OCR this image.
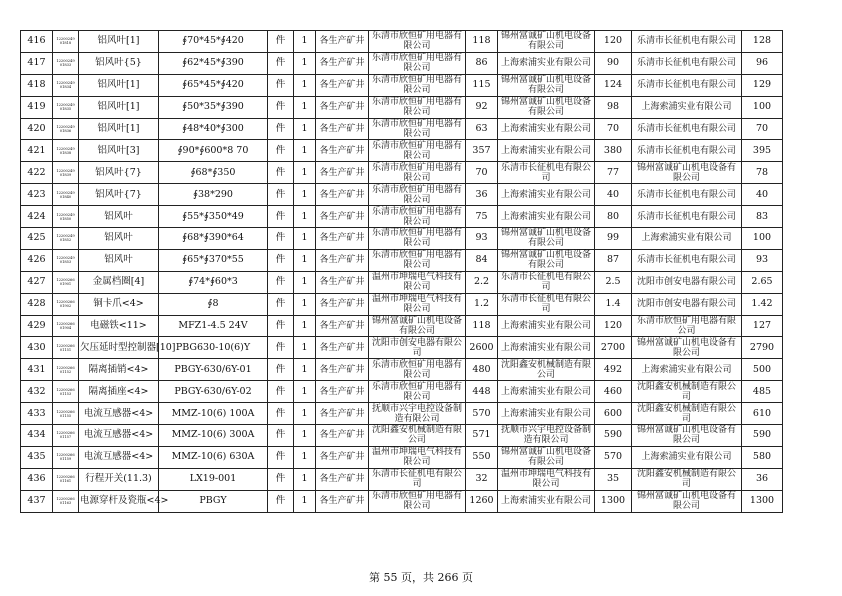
416	12200249 01818	铝风叶[1]	∮70*45*∮420	件	1	各生产矿井	乐清市欣恒矿用电器有限公司	118	锦州富诚矿山机电设备有限公司	120	乐清市长征机电有限公司	128
417	12200249 01833	铝风叶{5}	∮62*45*∮390	件	1	各生产矿井	乐清市欣恒矿用电器有限公司	86	上海索浦实业有限公司	90	乐清市长征机电有限公司	96
418	12200249 01834	铝风叶[1]	∮65*45*∮420	件	1	各生产矿井	乐清市欣恒矿用电器有限公司	115	锦州富诚矿山机电设备有限公司	124	乐清市长征机电有限公司	129
419	12200249 01835	铝风叶[1]	∮50*35*∮390	件	1	各生产矿井	乐清市欣恒矿用电器有限公司	92	锦州富诚矿山机电设备有限公司	98	上海索浦实业有限公司	100
420	12200249 01836	铝风叶[1]	∮48*40*∮300	件	1	各生产矿井	乐清市欣恒矿用电器有限公司	63	上海索浦实业有限公司	70	乐清市长征机电有限公司	70
421	12200249 01838	铝风叶[3]	∮90*∮600*8 70	件	1	各生产矿井	乐清市欣恒矿用电器有限公司	357	上海索浦实业有限公司	380	乐清市长征机电有限公司	395
422	12200249 01839	铝风叶{7}	∮68*∮350	件	1	各生产矿井	乐清市欣恒矿用电器有限公司	70	乐清市长征机电有限公司	77	锦州富诚矿山机电设备有限公司	78
423	12200249 01840	铝风叶{7}	∮38*290	件	1	各生产矿井	乐清市欣恒矿用电器有限公司	36	上海索浦实业有限公司	40	乐清市长征机电有限公司	40
424	12200249 01850	铝风叶	∮55*∮350*49	件	1	各生产矿井	乐清市欣恒矿用电器有限公司	75	上海索浦实业有限公司	80	乐清市长征机电有限公司	83
425	12200249 01852	铝风叶	∮68*∮390*64	件	1	各生产矿井	乐清市欣恒矿用电器有限公司	93	锦州富诚矿山机电设备有限公司	99	上海索浦实业有限公司	100
426	12200249 01853	铝风叶	∮65*∮370*55	件	1	各生产矿井	乐清市欣恒矿用电器有限公司	84	锦州富诚矿山机电设备有限公司	87	乐清市长征机电有限公司	93
427	12200266 01901	金属档圈[4]	∮74*∮60*3	件	1	各生产矿井	温州市坤瑞电气科技有限公司	2.2	乐清市长征机电有限公司	2.5	沈阳市创安电器有限公司	2.65
428	12200266 01902	铜卡爪<4>	∮8	件	1	各生产矿井	温州市坤瑞电气科技有限公司	1.2	乐清市长征机电有限公司	1.4	沈阳市创安电器有限公司	1.42
429	12200266 01904	电磁铁<11>	MFZ1-4.5 24V	件	1	各生产矿井	锦州富诚矿山机电设备有限公司	118	上海索浦实业有限公司	120	乐清市欣恒矿用电器有限公司	127
430	12200266 01151	欠压延时型控制器[10]	PBG630-10(6)Y	件	1	各生产矿井	沈阳市创安电器有限公司	2600	上海索浦实业有限公司	2700	锦州富诚矿山机电设备有限公司	2790
431	12200266 01152	隔离插销<4>	PBGY-630/6Y-01	件	1	各生产矿井	乐清市欣恒矿用电器有限公司	480	沈阳鑫安机械制造有限公司	492	上海索浦实业有限公司	500
432	12200266 01153	隔离插座<4>	PBGY-630/6Y-02	件	1	各生产矿井	乐清市欣恒矿用电器有限公司	448	上海索浦实业有限公司	460	沈阳鑫安机械制造有限公司	485
433	12200266 01155	电流互感器<4>	MMZ-10(6) 100A	件	1	各生产矿井	抚顺市兴宇电控设备制造有限公司	570	上海索浦实业有限公司	600	沈阳鑫安机械制造有限公司	610
434	12200266 01157	电流互感器<4>	MMZ-10(6) 300A	件	1	各生产矿井	沈阳鑫安机械制造有限公司	571	抚顺市兴宇电控设备制造有限公司	590	锦州富诚矿山机电设备有限公司	590
435	12200266 01159	电流互感器<4>	MMZ-10(6) 630A	件	1	各生产矿井	温州市坤瑞电气科技有限公司	550	锦州富诚矿山机电设备有限公司	570	上海索浦实业有限公司	580
436	12200266 01161	行程开关(11.3)	LX19-001	件	1	各生产矿井	乐清市长征机电有限公司	32	温州市坤瑞电气科技有限公司	35	沈阳鑫安机械制造有限公司	36
437	12200266 01163	电源穿杆及瓷瓶<4>	PBGY	件	1	各生产矿井	乐清市欣恒矿用电器有限公司	1260	上海索浦实业有限公司	1300	锦州富诚矿山机电设备有限公司	1300
第 55 页，共 266 页
